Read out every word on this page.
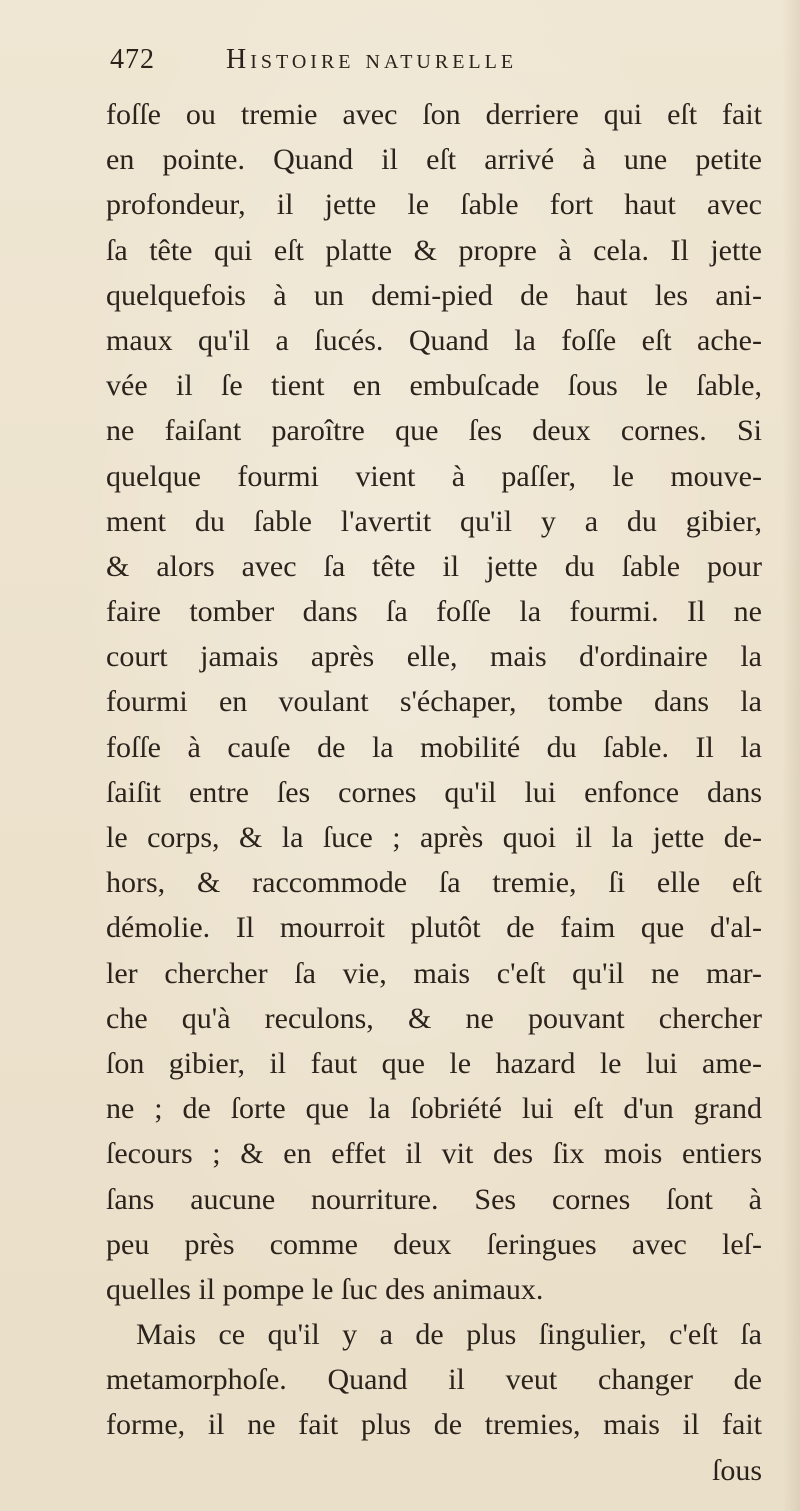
472	Histoire naturelle
foſſe ou tremie avec ſon derriere qui eſt fait
en pointe. Quand il eſt arrivé à une petite
profondeur, il jette le ſable fort haut avec
ſa tête qui eſt platte & propre à cela. Il jette
quelquefois à un demi-pied de haut les ani-
maux qu'il a ſucés. Quand la foſſe eſt ache-
vée il ſe tient en embuſcade ſous le ſable,
ne faiſant paroître que ſes deux cornes. Si
quelque fourmi vient à paſſer, le mouve-
ment du ſable l'avertit qu'il y a du gibier,
& alors avec ſa tête il jette du ſable pour
faire tomber dans ſa foſſe la fourmi. Il ne
court jamais après elle, mais d'ordinaire la
fourmi en voulant s'échaper, tombe dans la
foſſe à cauſe de la mobilité du ſable. Il la
ſaiſit entre ſes cornes qu'il lui enfonce dans
le corps, & la ſuce ; après quoi il la jette de-
hors, & raccommode ſa tremie, ſi elle eſt
démolie. Il mourroit plutôt de faim que d'al-
ler chercher ſa vie, mais c'eſt qu'il ne mar-
che qu'à reculons, & ne pouvant chercher
ſon gibier, il faut que le hazard le lui ame-
ne ; de ſorte que la ſobriété lui eſt d'un grand
ſecours ; & en effet il vit des ſix mois entiers
ſans aucune nourriture. Ses cornes ſont à
peu près comme deux ſeringues avec leſ-
quelles il pompe le ſuc des animaux.
Mais ce qu'il y a de plus ſingulier, c'eſt ſa
metamorphoſe. Quand il veut changer de
forme, il ne fait plus de tremies, mais il fait
ſous
